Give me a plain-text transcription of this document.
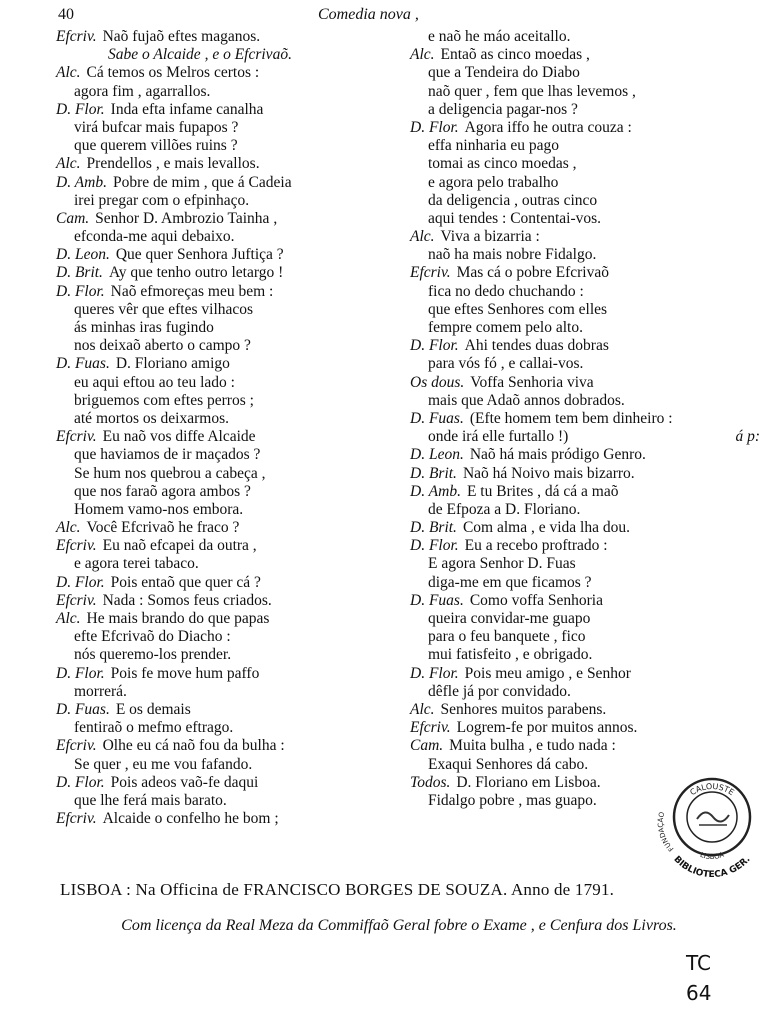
40	Comedia nova ,
Efcriv. Naõ fujaõ eftes maganos.
Sabe o Alcaide , e o Efcrivaõ.
Alc. Cá temos os Melros certos :
agora fim , agarrallos.
D. Flor. Inda efta infame canalha
virá bufcar mais fupapos ?
que querem villões ruins ?
Alc. Prendellos , e mais levallos.
D. Amb. Pobre de mim , que á Cadeia
irei pregar com o efpinhaço.
Cam. Senhor D. Ambrozio Tainha ,
efconda-me aqui debaixo.
D. Leon. Que quer Senhora Juftiça ?
D. Brit. Ay que tenho outro letargo !
D. Flor. Naõ efmoreças meu bem :
queres vêr que eftes vilhacos
ás minhas iras fugindo
nos deixaõ aberto o campo ?
D. Fuas. D. Floriano amigo
eu aqui eftou ao teu lado :
briguemos com eftes perros ;
até mortos os deixarmos.
Efcriv. Eu naõ vos diffe Alcaide
que haviamos de ir maçados ?
Se hum nos quebrou a cabeça ,
que nos faraõ agora ambos ?
Homem vamo-nos embora.
Alc. Você Efcrivaõ he fraco ?
Efcriv. Eu naõ efcapei da outra ,
e agora terei tabaco.
D. Flor. Pois entaõ que quer cá ?
Efcriv. Nada : Somos feus criados.
Alc. He mais brando do que papas
efte Efcrivaõ do Diacho :
nós queremo-los prender.
D. Flor. Pois fe move hum paffo
morrerá.
D. Fuas. E os demais
fentiraõ o mefmo eftrago.
Efcriv. Olhe eu cá naõ fou da bulha :
Se quer , eu me vou fafando.
D. Flor. Pois adeos vaõ-fe daqui
que lhe ferá mais barato.
Efcriv. Alcaide o confelho he bom ;
e naõ he máo aceitallo.
Alc. Entaõ as cinco moedas ,
que a Tendeira do Diabo
naõ quer , fem que lhas levemos ,
a deligencia pagar-nos ?
D. Flor. Agora iffo he outra couza :
effa ninharia eu pago
tomai as cinco moedas ,
e agora pelo trabalho
da deligencia , outras cinco
aqui tendes : Contentai-vos.
Alc. Viva a bizarria :
naõ ha mais nobre Fidalgo.
Efcriv. Mas cá o pobre Efcrivaõ
fica no dedo chuchando :
que eftes Senhores com elles
fempre comem pelo alto.
D. Flor. Ahi tendes duas dobras
para vós fó , e callai-vos.
Os dous. Voffa Senhoria viva
mais que Adaõ annos dobrados.
D. Fuas. (Efte homem tem bem dinheiro :
onde irá elle furtallo !)	á p:
D. Leon. Naõ há mais pródigo Genro.
D. Brit. Naõ há Noivo mais bizarro.
D. Amb. E tu Brites , dá cá a maõ
de Efpoza a D. Floriano.
D. Brit. Com alma , e vida lha dou.
D. Flor. Eu a recebo proftrado :
E agora Senhor D. Fuas
diga-me em que ficamos ?
D. Fuas. Como voffa Senhoria
queira convidar-me guapo
para o feu banquete , fico
mui fatisfeito , e obrigado.
D. Flor. Pois meu amigo , e Senhor
dêfle já por convidado.
Alc. Senhores muitos parabens.
Efcriv. Logrem-fe por muitos annos.
Cam. Muita bulha , e tudo nada :
Exaqui Senhores dá cabo.
Todos. D. Floriano em Lisboa.
Fidalgo pobre , mas guapo.
LISBOA : Na Officina de FRANCISCO BORGES DE SOUZA. Anno de 1791.
Com licença da Real Meza da Commiffaõ Geral fobre o Exame , e Cenfura dos Livros.
CALOUSTE
FUNDAÇÃO
LISBOA
BIBLIOTECA GER.
TC
64
